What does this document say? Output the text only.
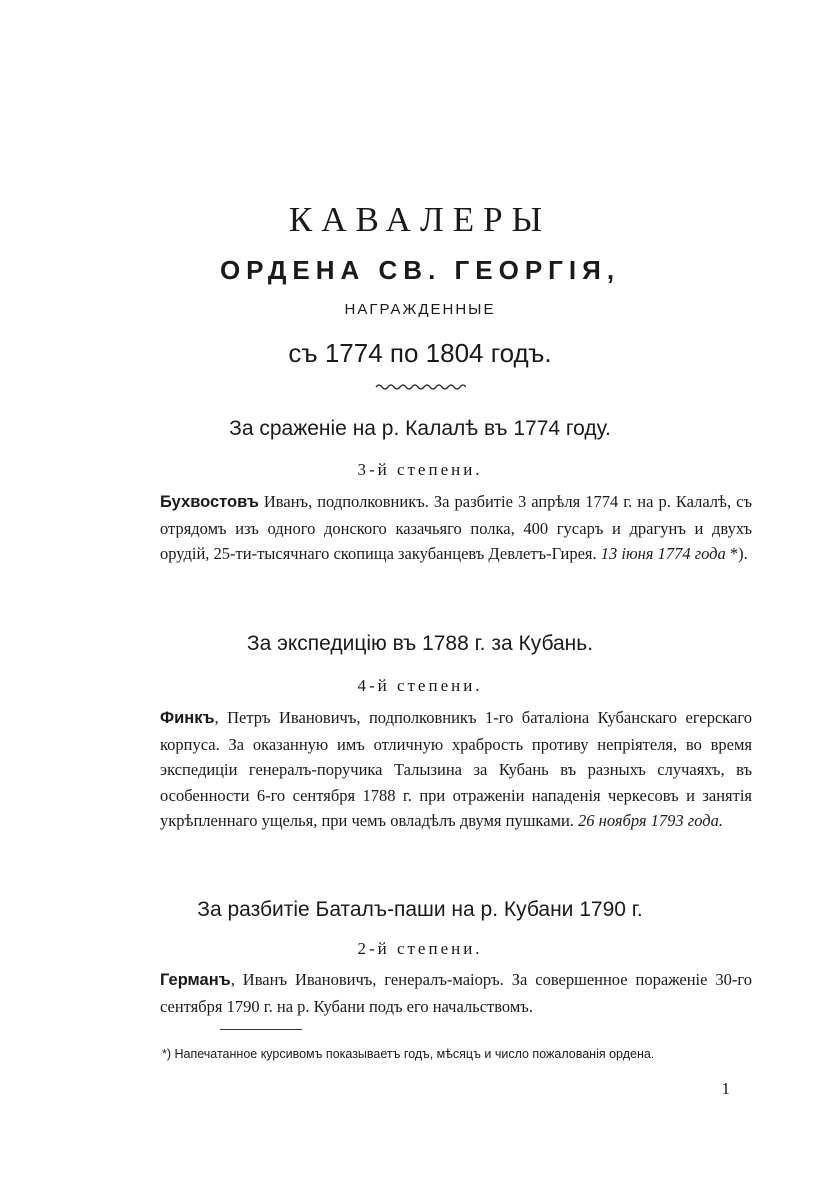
КАВАЛЕРЫ
ОРДЕНА СВ. ГЕОРГІЯ,
НАГРАЖДЕННЫЕ
съ 1774 по 1804 годъ.
За сраженіе на р. Калалѣ въ 1774 году.
3-й степени.
Бухвостовъ Иванъ, подполковникъ. За разбитіе 3 апрѣля 1774 г. на р. Калалѣ, съ отрядомъ изъ одного донского казачьяго полка, 400 гусаръ и драгунъ и двухъ орудій, 25-ти-тысячнаго скопища закубанцевъ Девлетъ-Гирея. 13 іюня 1774 года *).
За экспедицію въ 1788 г. за Кубань.
4-й степени.
Финкъ, Петръ Ивановичъ, подполковникъ 1-го баталіона Кубанскаго егерскаго корпуса. За оказанную имъ отличную храбрость противу непріятеля, во время экспедиціи генералъ-поручика Талызина за Кубань въ разныхъ случаяхъ, въ особенности 6-го сентября 1788 г. при отраженіи нападенія черкесовъ и занятія укрѣпленнаго ущелья, при чемъ овладѣлъ двумя пушками. 26 ноября 1793 года.
За разбитіе Баталъ-паши на р. Кубани 1790 г.
2-й степени.
Германъ, Иванъ Ивановичъ, генералъ-маіоръ. За совершенное пораженіе 30-го сентября 1790 г. на р. Кубани подъ его начальствомъ.
*) Напечатанное курсивомъ показываетъ годъ, мѣсяцъ и число пожалованія ордена.
1
